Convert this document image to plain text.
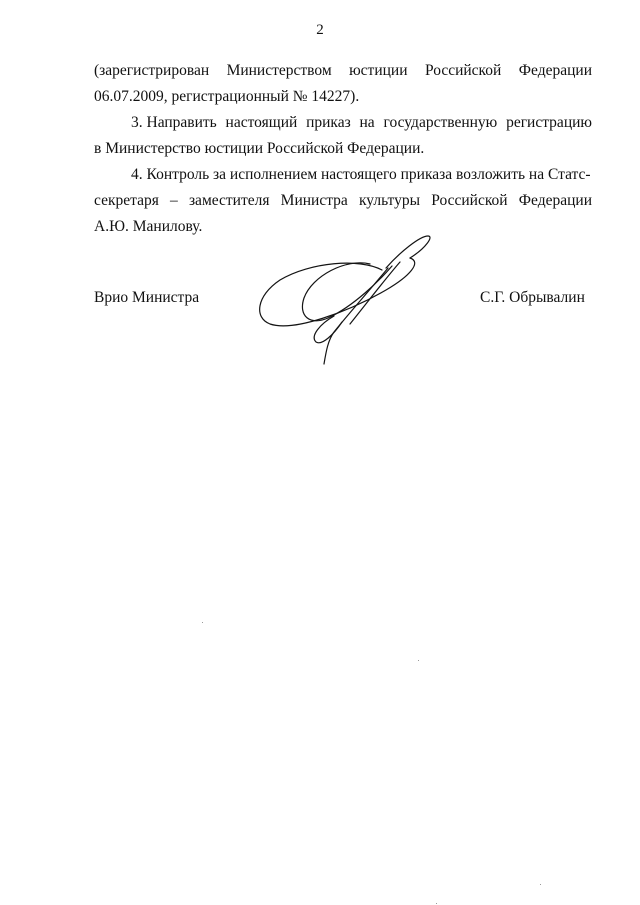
2
(зарегистрирован Министерством юстиции Российской Федерации
06.07.2009, регистрационный № 14227).
3. Направить настоящий приказ на государственную регистрацию
в Министерство юстиции Российской Федерации.
4. Контроль за исполнением настоящего приказа возложить на Статс-
секретаря – заместителя Министра культуры Российской Федерации
А.Ю. Манилову.
Врио Министра	С.Г. Обрывалин
